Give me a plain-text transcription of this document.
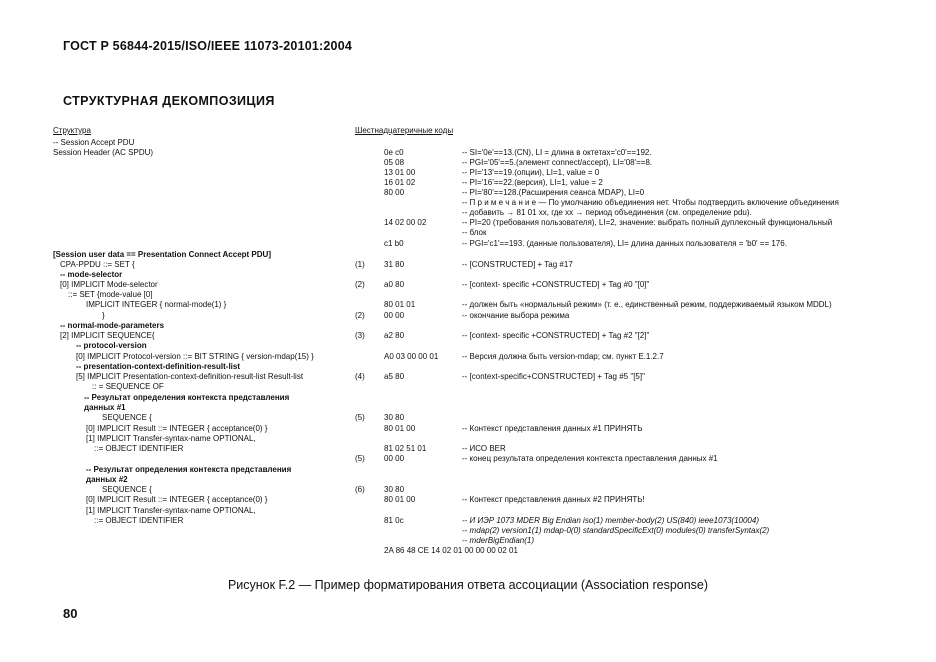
ГОСТ Р 56844-2015/ISO/IEEE 11073-20101:2004
СТРУКТУРНАЯ ДЕКОМПОЗИЦИЯ
Структура	Шестнадцатеричные коды
-- Session Accept PDU
Session Header (AC SPDU)
[Session user data == Presentation Connect Accept PDU]
CPA-PPDU ::= SET {
-- mode-selector
[0] IMPLICIT Mode-selector
::= SET {mode-value [0]
IMPLICIT INTEGER { normal-mode(1) }
}
-- normal-mode-parameters
[2] IMPLICIT SEQUENCE{
-- protocol-version
[0] IMPLICIT Protocol-version ::= BIT STRING { version-mdap(15) }
-- presentation-context-definition-result-list
[5] IMPLICIT Presentation-context-definition-result-list Result-list
:: = SEQUENCE OF
-- Результат определения контекста представления
данных #1
SEQUENCE {
[0] IMPLICIT Result ::= INTEGER { acceptance(0) }
[1] IMPLICIT Transfer-syntax-name OPTIONAL,
::= OBJECT IDENTIFIER
-- Результат определения контекста представления
данных #2
SEQUENCE {
[0] IMPLICIT Result ::= INTEGER { acceptance(0) }
[1] IMPLICIT Transfer-syntax-name OPTIONAL,
::= OBJECT IDENTIFIER
(1)
(2)
(2)
(3)
(4)
(5)
(5)
(6)
0e c0
05 08
13 01 00
16 01 02
80 00
14 02 00 02
c1 b0
31 80
a0 80
80 01 01
00 00
a2 80
A0 03 00 00 01
a5 80
30 80
80 01 00
81 02 51 01
00 00
30 80
80 01 00
81 0c
2A 86 48 CE 14 02 01 00 00 00 02 01
-- SI='0e'==13.(CN), LI = длина в октетах='c0'==192.
-- PGI='05'==5.(элемент connect/accept), LI='08'==8.
-- PI='13'==19.(опции), LI=1, value = 0
-- PI='16'==22.(версия), LI=1, value = 2
-- PI='80'==128.(Расширения сеанса MDAP), LI=0
-- П р и м е ч а н и е — По умолчанию объединения нет. Чтобы подтвердить включение объединения
-- добавить → 81 01 xx, где xx → период объединения (см. определение pdu).
-- PI=20 (требования пользователя), LI=2, значение: выбрать полный дуплексный функциональный
-- блок
-- PGI='c1'==193. (данные пользователя), LI= длина данных пользователя = 'b0' == 176.
-- [CONSTRUCTED] + Tag #17
-- [context- specific +CONSTRUCTED] + Tag #0 "[0]"
-- должен быть «нормальный режим» (т. е., единственный режим, поддерживаемый языком MDDL)
-- окончание выбора режима
-- [context- specific +CONSTRUCTED] + Tag #2 "[2]"
-- Версия должна быть version-mdap; см. пункт Е.1.2.7
-- [context-specific+CONSTRUCTED] + Tag #5 "[5]"
-- Контекст представления данных #1 ПРИНЯТЬ
-- ИСО BER
-- конец результата определения контекста преставления данных #1
-- Контекст представления данных #2 ПРИНЯТЬ!
-- И ИЭР 1073 MDER Big Endian iso(1) member-body(2) US(840) ieee1073(10004)
-- mdap(2) version1(1) mdap-0(0) standardSpecificExt(0) modules(0) transferSyntax(2)
-- mderBigEndian(1)
Рисунок F.2 — Пример форматирования ответа ассоциации (Association response)
80
